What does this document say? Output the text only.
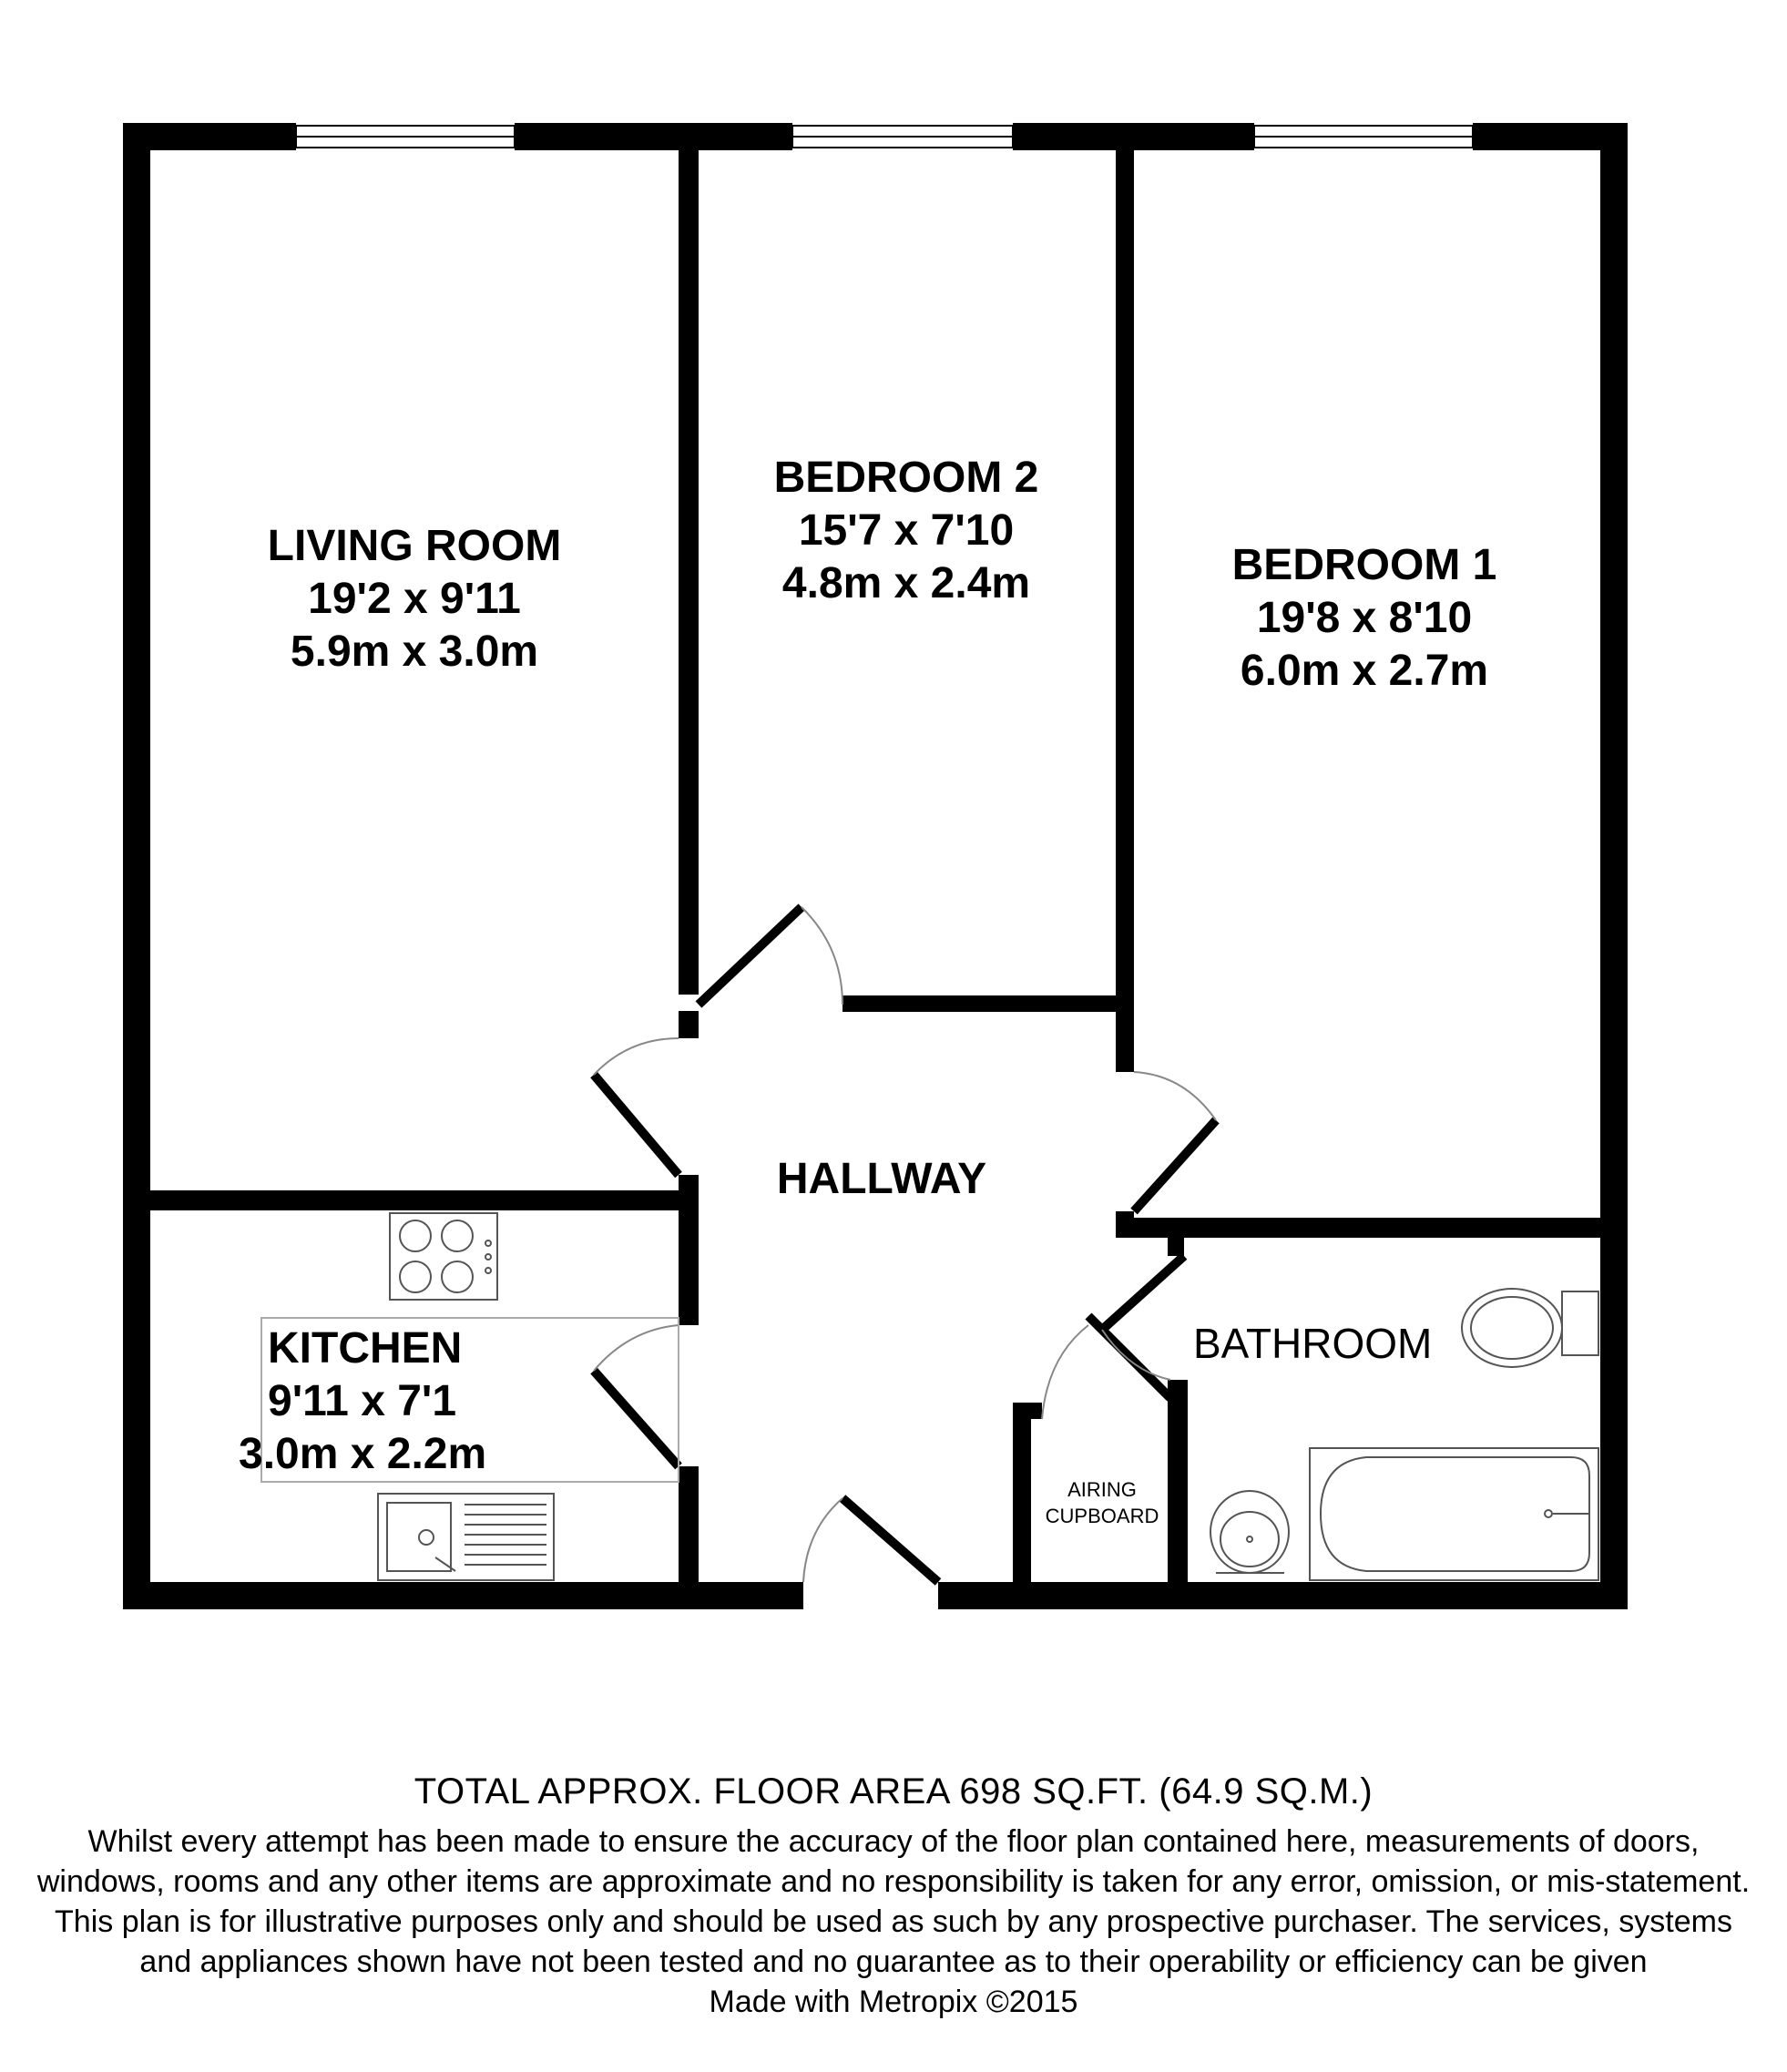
LIVING ROOM
19'2 x 9'11
5.9m x 3.0m
BEDROOM 2
15'7 x 7'10
4.8m x 2.4m	BEDROOM 1
19'8 x 8'10
6.0m x 2.7m
HALLWAY
KITCHEN
9'11 x 7'1
3.0m x 2.2m
BATHROOM
AIRING
CUPBOARD
TOTAL APPROX. FLOOR AREA 698 SQ.FT. (64.9 SQ.M.)
Whilst every attempt has been made to ensure the accuracy of the floor plan contained here, measurements of doors, windows, rooms and any other items are approximate and no responsibility is taken for any error, omission, or mis-statement. This plan is for illustrative purposes only and should be used as such by any prospective purchaser. The services, systems and appliances shown have not been tested and no guarantee as to their operability or efficiency can be given
Made with Metropix ©2015
